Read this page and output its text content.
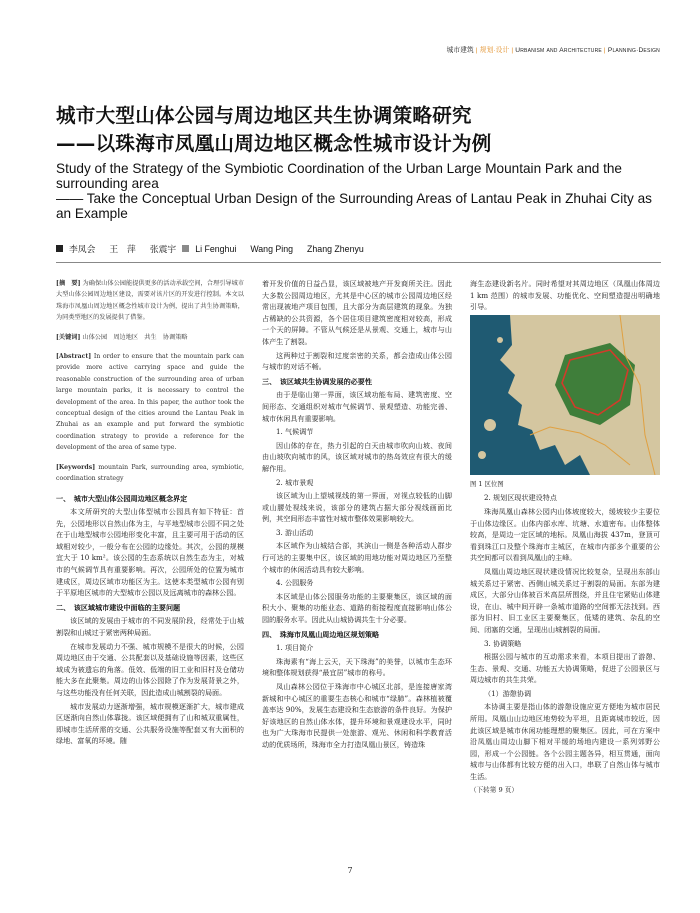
城市建筑 | 规划·设计 | Urbanism and Architecture | Planning·Design
城市大型山体公园与周边地区共生协调策略研究
——以珠海市凤凰山周边地区概念性城市设计为例
Study of the Strategy of the Symbiotic Coordination of the Urban Large Mountain Park and the surrounding area
—— Take the Conceptual Urban Design of the Surrounding Areas of Lantau Peak in Zhuhai City as an Example
李凤会 王　萍 张震宇 Li Fenghui Wang Ping Zhang Zhenyu

[摘　要] 为确保山体公园能提供更多的活动承载空间，合理引导城市大型山体公园周边地区建设，需要对该片区的开发进行控制。本文以珠海市凤凰山周边地区概念性城市设计为例，提出了共生协调策略，为同类型地区的发展提供了借鉴。

[关键词] 山体公园　周边地区　共生　协调策略

[Abstract] In order to ensure that the mountain park can provide more active carrying space and guide the reasonable construction of the surrounding area of urban large mountain parks, it is necessary to control the development of the area. In this paper, the author took the conceptual design of the cities around the Lantau Peak in Zhuhai as an example and put forward the symbiotic coordination strategy to provide a reference for the development of the area of same type.

[Keywords] mountain Park, surrounding area, symbiotic, coordination strategy

一、　城市大型山体公园周边地区概念界定

本文所研究的大型山体型城市公园具有如下特征：首先，公园地形以自然山体为主，与平地型城市公园不同之处在于山地型城市公园地形变化丰富，且主要可用于活动的区域相对较少，一般分布在公园的边缘处。其次，公园的规模宜大于 10 km²。该公园的生态系统以自然生态为主，对城市的气候调节具有重要影响。再次，公园所处的位置为城市建成区，周边区域市功能区为主。这使本类型城市公园有别于平原地区城市的大型城市公园以及远离城市的森林公园。

二、　该区域城市建设中面临的主要问题

该区域的发展由于城市的不同发展阶段，经常处于山城割裂和山城过于紧密两种局面。

在城市发展动力不强、城市规模不是很大的时候，公园周边地区由于交通、公共配套以及基础设施等因素，这些区域成为被遗忘的角落。低效、低端的旧工业和旧村及仓储功能大多在此聚集。周边的山体公园除了作为发展背景之外，与这些功能没有任何关联，因此造成山城割裂的局面。

城市发展动力逐渐增强，城市规模逐渐扩大，城市建成区逐渐向自然山体靠拢。该区域便拥有了山和城双重属性，即城市生活所需的交通、公共服务设施等配套又有大面积的绿地、富氧的环境。随

着开发价值的日益凸显，该区域被地产开发商所关注。因此大多数公园周边地区，尤其是中心区的城市公园周边地区经常出现被地产项目包围，且大部分为高层建筑的现象。为独占稀缺的公共资源，各个居住项目建筑密度相对较高，形成一个天的屏障。不管从气候还是从景观、交通上，城市与山体产生了割裂。

这两种过于割裂和过度亲密的关系，都会造成山体公园与城市的对话不畅。

三、　该区域共生协调发展的必要性

由于是临山第一界面，该区域功能布局、建筑密度、空间形态、交通组织对城市气候调节、景观塑造、功能完善、城市休闲具有重要影响。

1. 气候调节

因山体的存在，热力引起的白天由城市吹向山坡、夜间由山坡吹向城市的风，该区域对城市的热岛效应有很大的缓解作用。

2. 城市景观

该区域为山上望城视线的第一界面，对视点较低的山脚或山腰处视线来说，该部分的建筑占据大部分视线画面比例，其空间形态丰富性对城市整体效果影响较大。

3. 游山活动

本区域作为山城结合部，其滨山一侧是各种活动人群步行可达的主要集中区，该区域的用地功能对周边地区乃至整个城市的休闲活动具有较大影响。

4. 公园服务

本区域是山体公园服务功能的主要聚集区，该区域的面积大小、聚集的功能业态、道路的衔接程度直接影响山体公园的服务水平。因此从山城协调共生十分必要。

四、　珠海市凤凰山周边地区规划策略

1. 项目简介

珠海素有“海上云天，天下珠海”的美誉，以城市生态环境和整体规划获得“最宜居”城市的称号。

凤山森林公园位于珠海市中心城区北部，是连接唐家湾新城和中心城区的重要生态核心和城市“绿肺”。森林植被覆盖率达 90%，发展生态建设和生态旅游的条件良好。为保护好该地区的自然山体水体，提升环境和景观建设水平，同时也为广大珠海市民提供一处旅游、观光、休闲和科学教育活动的优质场所，珠海市全力打造凤凰山景区，铸造珠

海生态建设新名片。同时希望对其周边地区（凤凰山体周边 1 km 范围）的城市发展、功能优化、空间塑造提出明确地引导。

图 1 区位图

2. 规划区现状建设特点

珠海凤凰山森林公园内山体坡度较大，缓坡较少主要位于山体边缘区。山体内部水库、坑塘、水道密布。山体整体较高，是周边一定区域的地标。凤凰山海拔 437m，登顶可看到珠江口及整个珠海市主城区，在城市内部多个重要的公共空间都可以看到凤凰山的主峰。

凤凰山周边地区现状建设情况比较复杂，呈现出东部山城关系过于紧密、西侧山城关系过于割裂的局面。东部为建成区，大部分山体被百米高层所围绕，并且住宅紧贴山体建设，在山、城中间开辟一条城市道路的空间都无法找到。西部为旧村、旧工业区主要聚集区，低矮的建筑、杂乱的空间、闭塞的交通，呈现出山城割裂的局面。

3. 协调策略

根据公园与城市的互动需求来看，本项目提出了游憩、生态、景观、交通、功能五大协调策略，促进了公园景区与周边城市的共生共荣。

（1）游憩协调

本协调主要是指山体的游憩设施应更方便地为城市居民所用。凤凰山山边地区地势较为平坦，且距离城市较近，因此该区域是城市休闲功能理想的聚集区。因此，可在方案中沿凤凰山周边山脚下相对平缓的场地内建设一系列郊野公园，形成一个公园链。各个公园主题各异，相互贯通，面向城市与山体都有比较方便的出入口，串联了自然山体与城市生活。

（下转第 9 页）

7
